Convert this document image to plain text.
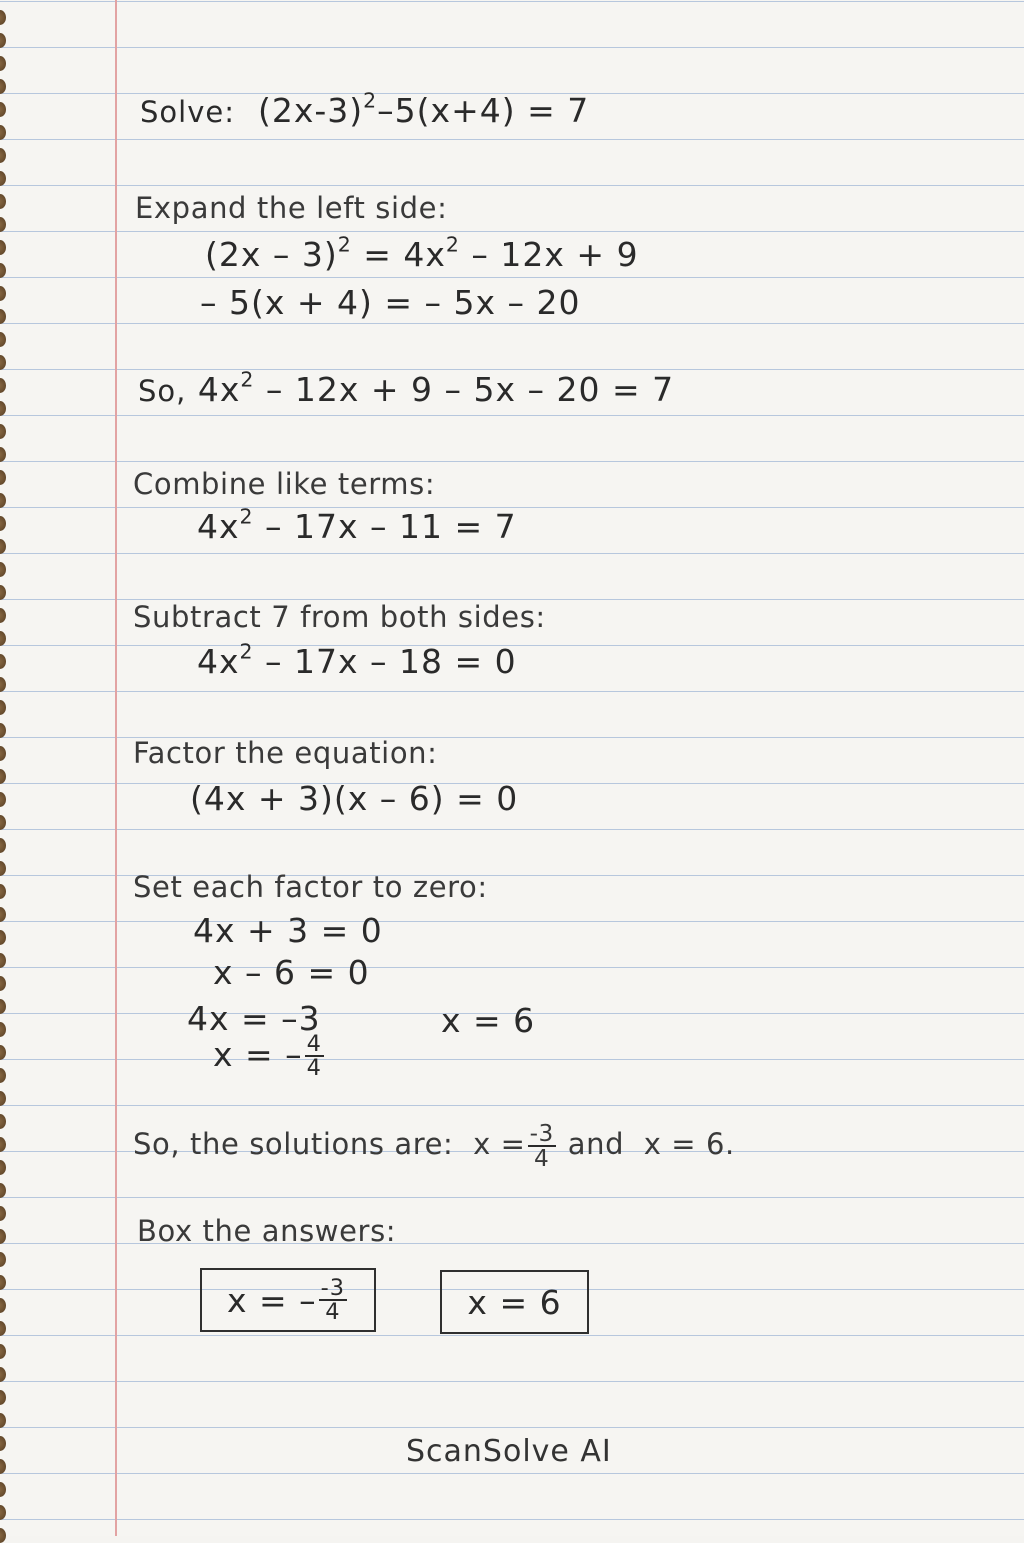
Solve: $(2x-3)^2-5(x+4) = 7$
Expand the left side:
$(2x - 3)^2 = 4x^2 - 12x + 9$
– 5(x + 4) = – 5x – 20
So, $4x^2 - 12x + 9 - 5x - 20 = 7$
Combine like terms:
$4x^2 - 17x - 11 = 7$
Subtract 7 from both sides:
$4x^2 - 17x - 18 = 0$
Factor the equation:
(4x + 3)(x – 6) = 0
Set each factor to zero:
4x + 3 = 0
x – 6 = 0
4x = –3
x = – $\frac{4}{4}$
x = 6
So, the solutions are: $x = \frac{-3}{4}$ and  x = 6.
Box the answers:
x = – $\frac{-3}{4}$	x = 6
ScanSolve AI
